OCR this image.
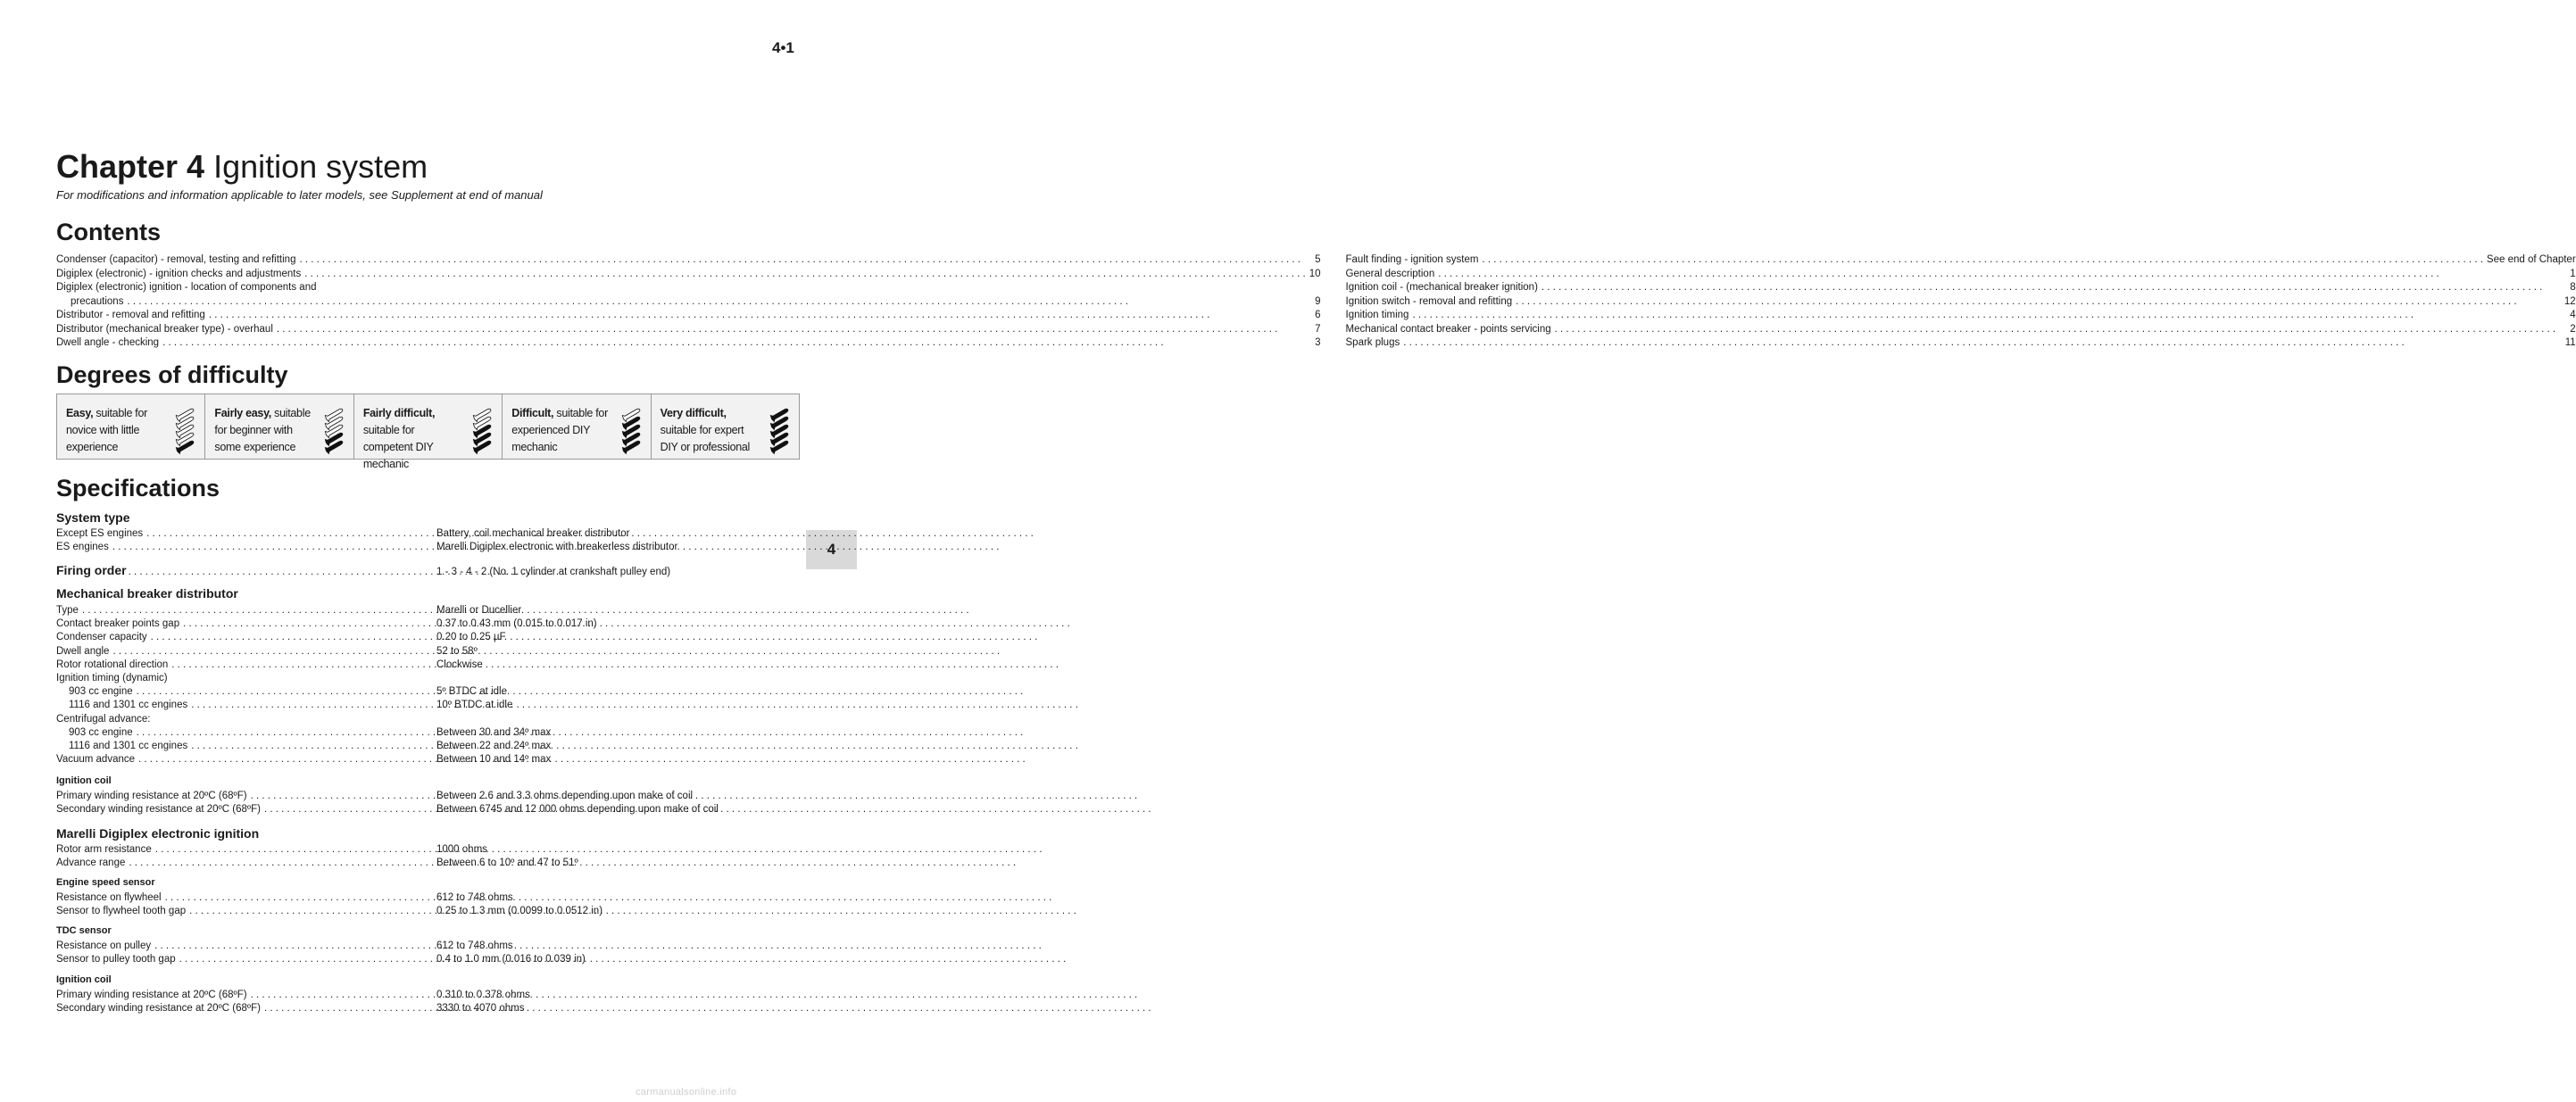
4•1
4
Chapter 4 Ignition system
For modifications and information applicable to later models, see Supplement at end of manual
Contents
Condenser (capacitor) - removal, testing and refitting . . .	5
Digiplex (electronic) - ignition checks and adjustments . . .	10
Digiplex (electronic) ignition - location of components and
precautions . . .	9
Distributor - removal and refitting . . .	6
Distributor (mechanical breaker type) - overhaul . . .	7
Dwell angle - checking . . .	3
Fault finding - ignition system . . .	See end of Chapter
General description . . .	1
Ignition coil - (mechanical breaker ignition) . . .	8
Ignition switch - removal and refitting . . .	12
Ignition timing . . .	4
Mechanical contact breaker - points servicing . . .	2
Spark plugs . . .	11
Degrees of difficulty
Easy, suitable for novice with little experience
Fairly easy, suitable for beginner with some experience
Fairly difficult, suitable for competent DIY mechanic
Difficult, suitable for experienced DIY mechanic
Very difficult, suitable for expert DIY or professional
Specifications
System type
Except ES engines . . .	Battery, coil mechanical breaker distributor
ES engines . . .	Marelli Digiplex electronic with breakerless distributor
Firing order . . .	1 - 3 - 4 - 2 (No. 1 cylinder at crankshaft pulley end)
Mechanical breaker distributor
Type . . .	Marelli or Ducellier
Contact breaker points gap . . .	0.37 to 0.43 mm (0.015 to 0.017 in)
Condenser capacity . . .	0.20 to 0.25 µF
Dwell angle . . .	52 to 58º
Rotor rotational direction . . .	Clockwise
Ignition timing (dynamic)
903 cc engine . . .	5º BTDC at idle
1116 and 1301 cc engines . . .	10º BTDC at idle
Centrifugal advance:
903 cc engine . . .	Between 30 and 34º max
1116 and 1301 cc engines . . .	Between 22 and 24º max
Vacuum advance . . .	Between 10 and 14º max
Ignition coil
Primary winding resistance at 20ºC (68ºF) . . .	Between 2.6 and 3.3 ohms depending upon make of coil
Secondary winding resistance at 20ºC (68ºF) . . .	Between 6745 and 12 000 ohms depending upon make of coil
Marelli Digiplex electronic ignition
Rotor arm resistance . . .	1000 ohms
Advance range . . .	Between 6 to 10º and 47 to 51º
Engine speed sensor
Resistance on flywheel . . .	612 to 748 ohms
Sensor to flywheel tooth gap . . .	0.25 to 1.3 mm (0.0099 to 0.0512 in)
TDC sensor
Resistance on pulley . . .	612 to 748 ohms
Sensor to pulley tooth gap . . .	0.4 to 1.0 mm (0.016 to 0.039 in)
Ignition coil
Primary winding resistance at 20ºC (68ºF) . . .	0.310 to 0.378 ohms
Secondary winding resistance at 20ºC (68ºF) . . .	3330 to 4070 ohms
carmanualsonline.info
